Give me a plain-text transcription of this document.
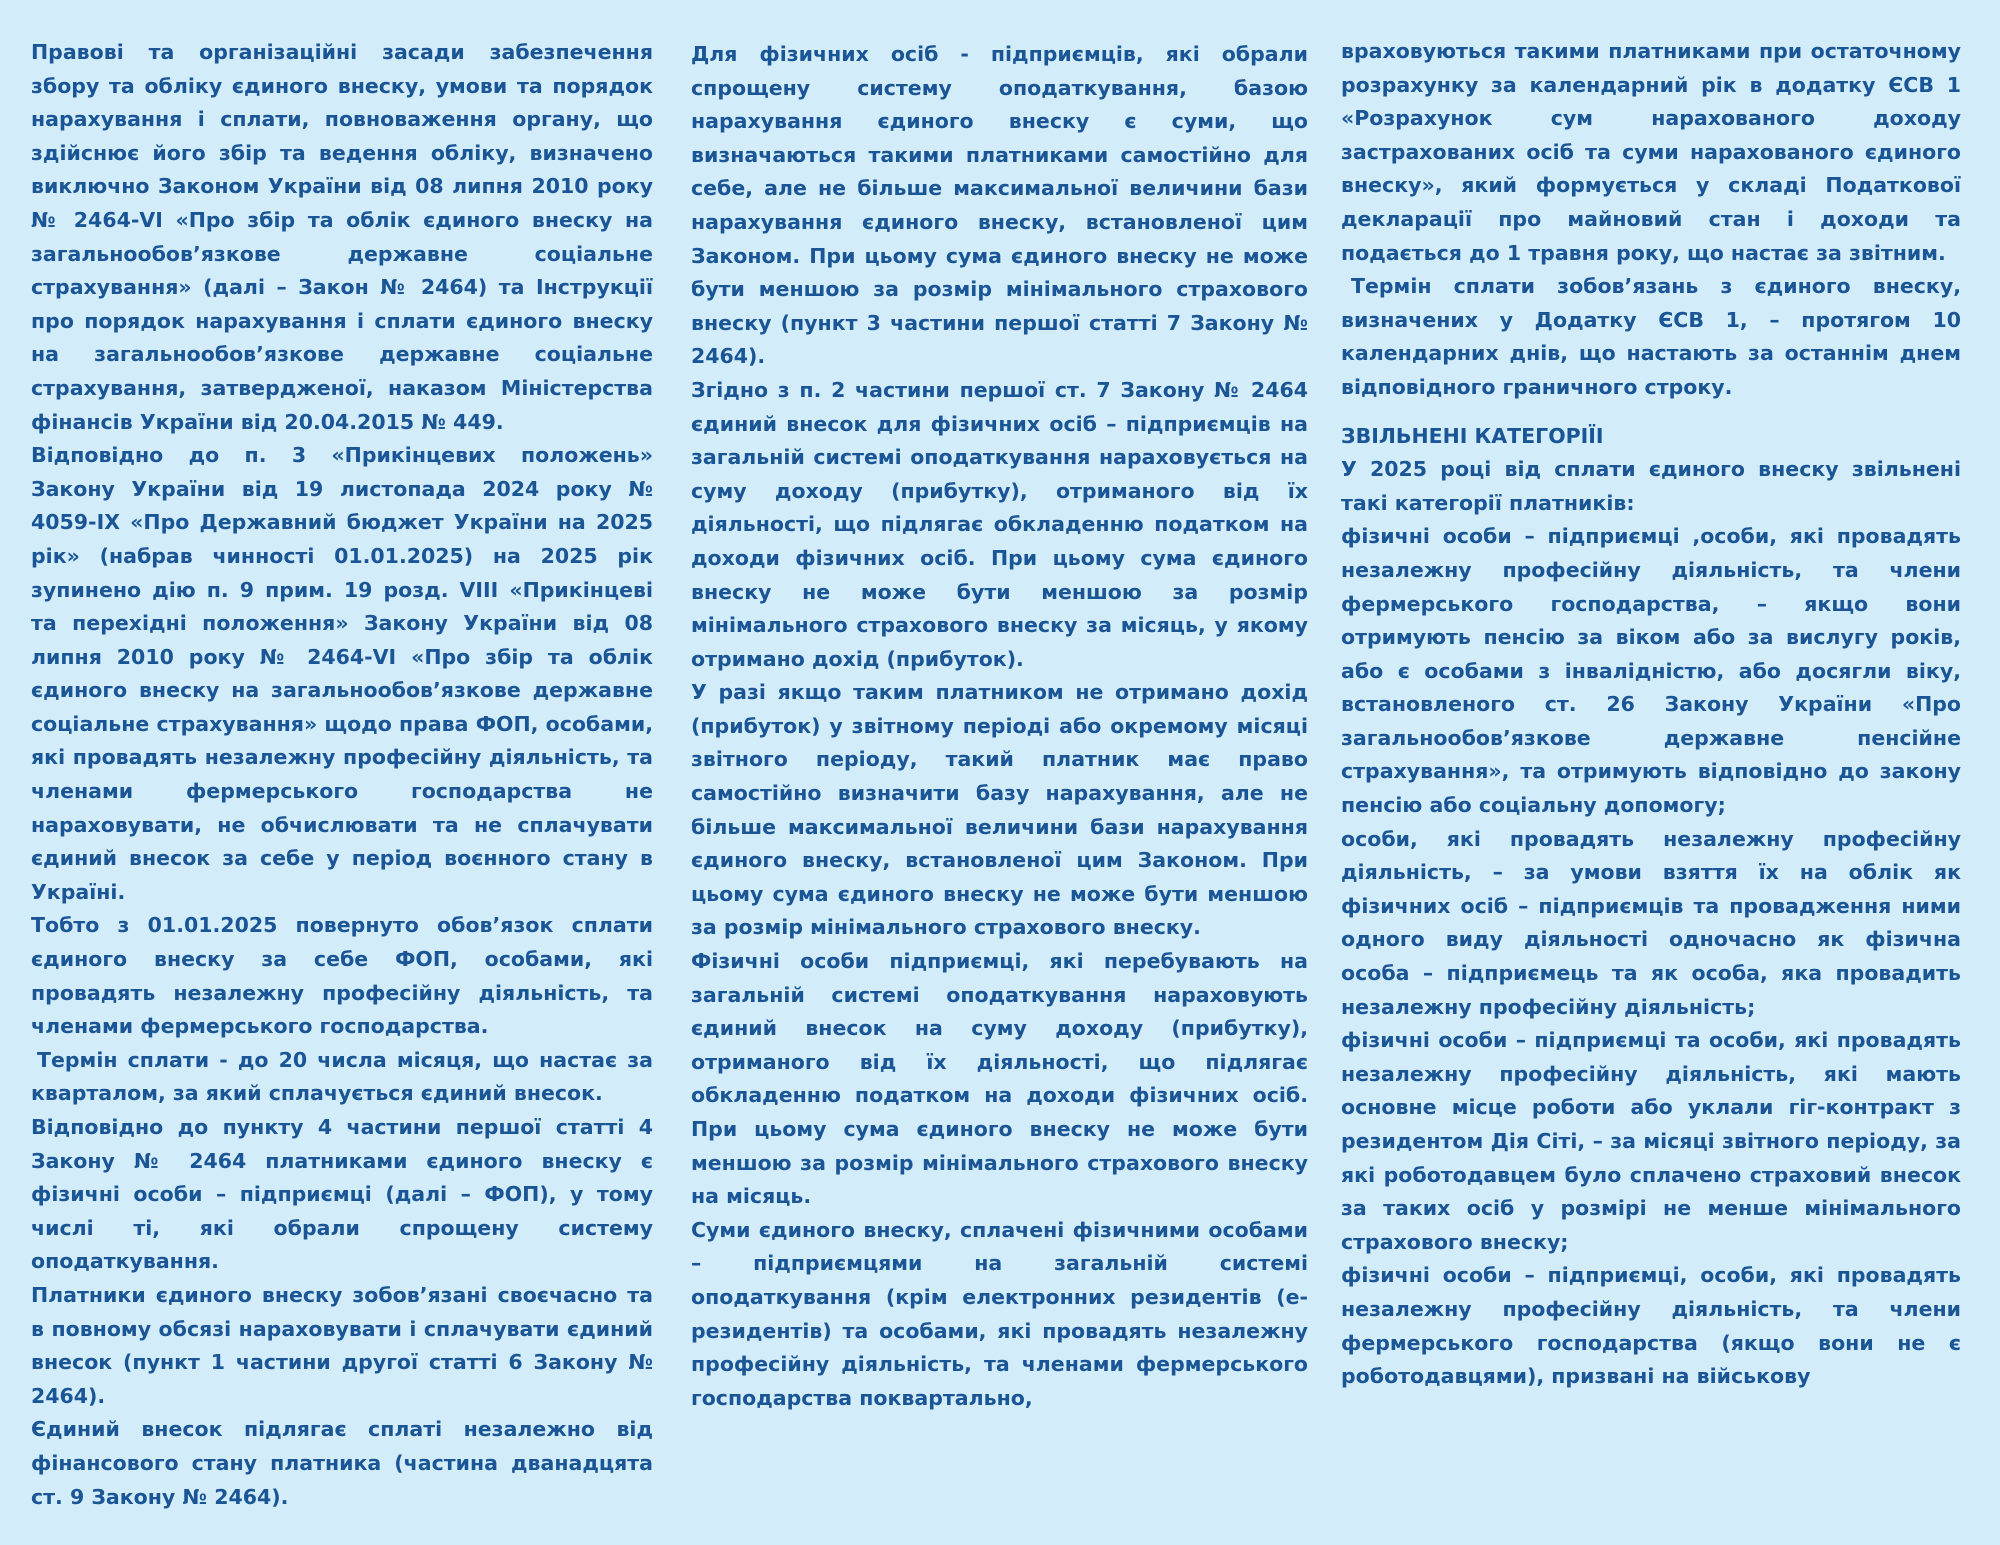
Правові та організаційні засади забезпечення збору та обліку єдиного внеску, умови та порядок нарахування і сплати, повноваження органу, що здійснює його збір та ведення обліку, визначено виключно Законом України від 08 липня 2010 року № 2464-VI «Про збір та облік єдиного внеску на загальнообов’язкове державне соціальне страхування» (далі – Закон № 2464) та Інструкції про порядок нарахування і сплати єдиного внеску на загальнообов’язкове державне соціальне страхування, затвердженої, наказом Міністерства фінансів України від 20.04.2015 № 449.

Відповідно до п. 3 «Прикінцевих положень» Закону України від 19 листопада 2024 року № 4059-IX «Про Державний бюджет України на 2025 рік» (набрав чинності 01.01.2025) на 2025 рік зупинено дію п. 9 прим. 19 розд. VIII «Прикінцеві та перехідні положення» Закону України від 08 липня 2010 року № 2464-VI «Про збір та облік єдиного внеску на загальнообов’язкове державне соціальне страхування» щодо права ФОП, особами, які провадять незалежну професійну діяльність, та членами фермерського господарства не нараховувати, не обчислювати та не сплачувати єдиний внесок за себе у період воєнного стану в Україні.

Тобто з 01.01.2025 повернуто обов’язок сплати єдиного внеску за себе ФОП, особами, які провадять незалежну професійну діяльність, та членами фермерського господарства.

Термін сплати - до 20 числа місяця, що настає за кварталом, за який сплачується єдиний внесок.

Відповідно до пункту 4 частини першої статті 4 Закону № 2464 платниками єдиного внеску є фізичні особи – підприємці (далі – ФОП), у тому числі ті, які обрали спрощену систему оподаткування.

Платники єдиного внеску зобов’язані своєчасно та в повному обсязі нараховувати і сплачувати єдиний внесок (пункт 1 частини другої статті 6 Закону № 2464).

Єдиний внесок підлягає сплаті незалежно від фінансового стану платника (частина дванадцята ст. 9 Закону № 2464).

Для фізичних осіб - підприємців, які обрали спрощену систему оподаткування, базою нарахування єдиного внеску є суми, що визначаються такими платниками самостійно для себе, але не більше максимальної величини бази нарахування єдиного внеску, встановленої цим Законом. При цьому сума єдиного внеску не може бути меншою за розмір мінімального страхового внеску (пункт 3 частини першої статті 7 Закону № 2464).

Згідно з п. 2 частини першої ст. 7 Закону № 2464 єдиний внесок для фізичних осіб – підприємців на загальній системі оподаткування нараховується на суму доходу (прибутку), отриманого від їх діяльності, що підлягає обкладенню податком на доходи фізичних осіб. При цьому сума єдиного внеску не може бути меншою за розмір мінімального страхового внеску за місяць, у якому отримано дохід (прибуток).

У разі якщо таким платником не отримано дохід (прибуток) у звітному періоді або окремому місяці звітного періоду, такий платник має право самостійно визначити базу нарахування, але не більше максимальної величини бази нарахування єдиного внеску, встановленої цим Законом. При цьому сума єдиного внеску не може бути меншою за розмір мінімального страхового внеску.

Фізичні особи підприємці, які перебувають на загальній системі оподаткування нараховують єдиний внесок на суму доходу (прибутку), отриманого від їх діяльності, що підлягає обкладенню податком на доходи фізичних осіб. При цьому сума єдиного внеску не може бути меншою за розмір мінімального страхового внеску на місяць.

Суми єдиного внеску, сплачені фізичними особами – підприємцями на загальній системі оподаткування (крім електронних резидентів (е-резидентів) та особами, які провадять незалежну професійну діяльність, та членами фермерського господарства поквартально,

враховуються такими платниками при остаточному розрахунку за календарний рік в додатку ЄСВ 1 «Розрахунок сум нарахованого доходу застрахованих осіб та суми нарахованого єдиного внеску», який формується у складі Податкової декларації про майновий стан і доходи та подається до 1 травня року, що настає за звітним.

Термін сплати зобов’язань з єдиного внеску, визначених у Додатку ЄСВ 1, – протягом 10 календарних днів, що настають за останнім днем відповідного граничного строку.

ЗВІЛЬНЕНІ КАТЕГОРІЇІ

У 2025 році від сплати єдиного внеску звільнені такі категорії платників:

фізичні особи – підприємці ,особи, які провадять незалежну професійну діяльність, та члени фермерського господарства, – якщо вони отримують пенсію за віком або за вислугу років, або є особами з інвалідністю, або досягли віку, встановленого ст. 26 Закону України «Про загальнообов’язкове державне пенсійне страхування», та отримують відповідно до закону пенсію або соціальну допомогу;

особи, які провадять незалежну професійну діяльність, – за умови взяття їх на облік як фізичних осіб – підприємців та провадження ними одного виду діяльності одночасно як фізична особа – підприємець та як особа, яка провадить незалежну професійну діяльність;

фізичні особи – підприємці та особи, які провадять незалежну професійну діяльність, які мають основне місце роботи або уклали гіг-контракт з резидентом Дія Сіті, – за місяці звітного періоду, за які роботодавцем було сплачено страховий внесок за таких осіб у розмірі не менше мінімального страхового внеску;

фізичні особи – підприємці, особи, які провадять незалежну професійну діяльність, та члени фермерського господарства (якщо вони не є роботодавцями), призвані на військову
